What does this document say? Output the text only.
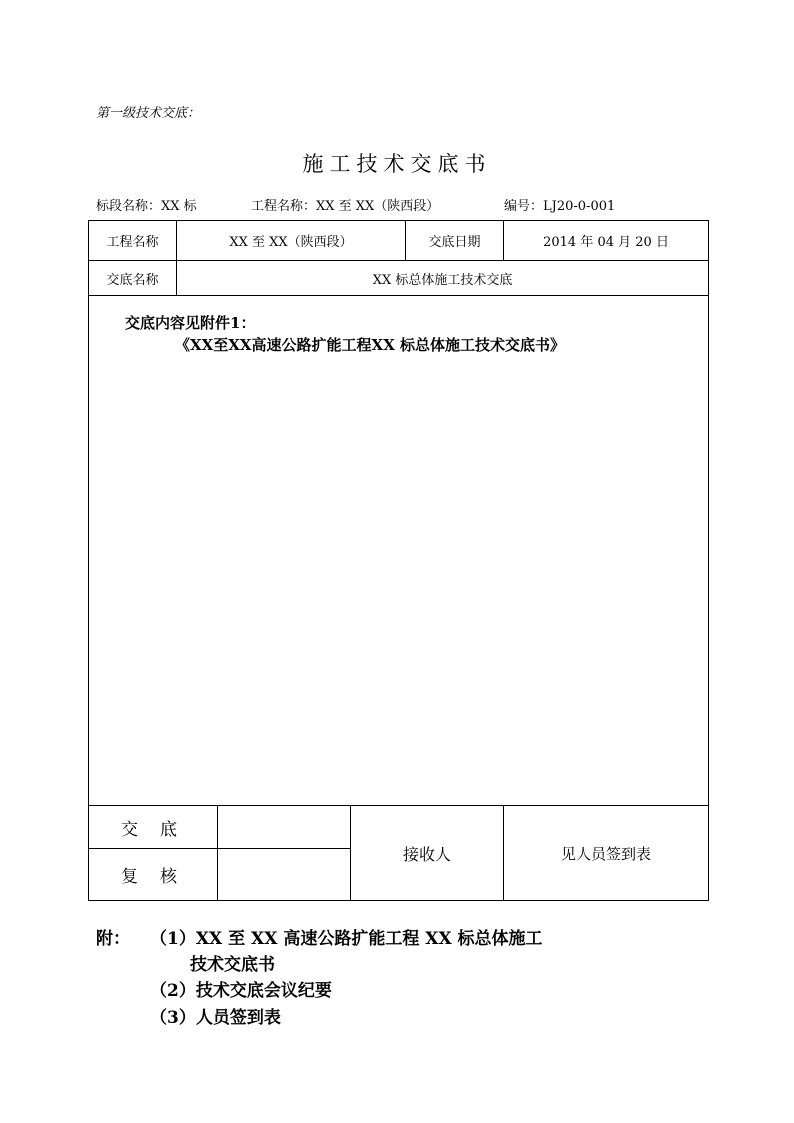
第一级技术交底：
施工技术交底书
标段名称：XX 标	工程名称：XX 至 XX（陕西段）	编号：LJ20-0-001
工程名称	XX 至 XX（陕西段）			交底日期	2014 年 04 月 20 日
交底名称	XX 标总体施工技术交底				

交底内容见附件1：
《XX至XX高速公路扩能工程XX 标总体施工技术交底书》					

交底			接收人		见人员签到表
复核					
附： （1）XX 至 XX 高速公路扩能工程 XX 标总体施工
技术交底书
（2）技术交底会议纪要
（3）人员签到表
